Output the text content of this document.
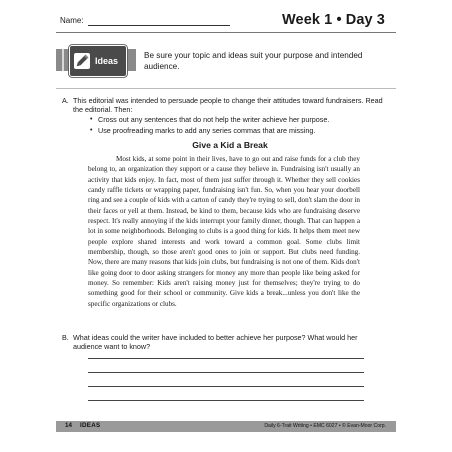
Name:	Week 1 • Day 3
Ideas
Be sure your topic and ideas suit your purpose and intended audience.
A. This editorial was intended to persuade people to change their attitudes toward fundraisers. Read the editorial. Then:
• Cross out any sentences that do not help the writer achieve her purpose.
• Use proofreading marks to add any series commas that are missing.
Give a Kid a Break
Most kids, at some point in their lives, have to go out and raise funds for a club they belong to, an organization they support or a cause they believe in. Fundraising isn't usually an activity that kids enjoy. In fact, most of them just suffer through it. Whether they sell cookies candy raffle tickets or wrapping paper, fundraising isn't fun. So, when you hear your doorbell ring and see a couple of kids with a carton of candy they're trying to sell, don't slam the door in their faces or yell at them. Instead, be kind to them, because kids who are fundraising deserve respect. It's really annoying if the kids interrupt your family dinner, though. That can happen a lot in some neighborhoods. Belonging to clubs is a good thing for kids. It helps them meet new people explore shared interests and work toward a common goal. Some clubs limit membership, though, so those aren't good ones to join or support. But clubs need funding. Now, there are many reasons that kids join clubs, but fundraising is not one of them. Kids don't like going door to door asking strangers for money any more than people like being asked for money. So remember: Kids aren't raising money just for themselves; they're trying to do something good for their school or community. Give kids a break...unless you don't like the specific organizations or clubs.
B. What ideas could the writer have included to better achieve her purpose? What would her audience want to know?
14 IDEAS	Daily 6-Trait Writing • EMC 6027 • © Evan-Moor Corp.
